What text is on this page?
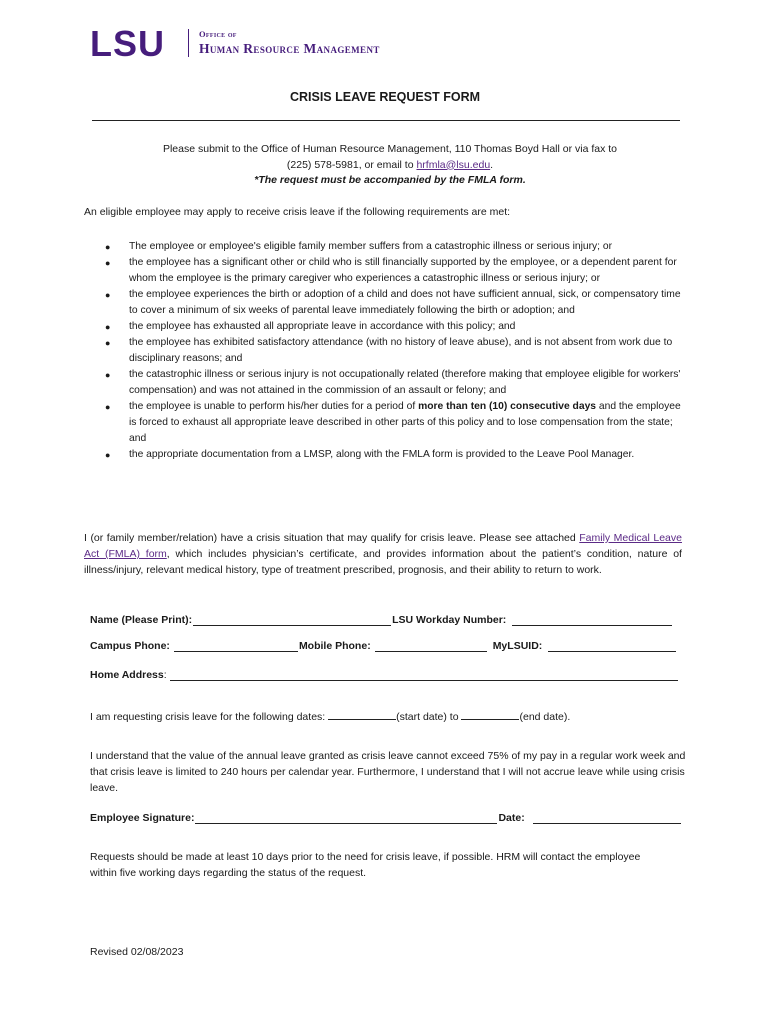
LSU	Office of
Human Resource Management
CRISIS LEAVE REQUEST FORM
Please submit to the Office of Human Resource Management, 110 Thomas Boyd Hall or via fax to
(225) 578-5981, or email to hrfmla@lsu.edu.
*The request must be accompanied by the FMLA form.
An eligible employee may apply to receive crisis leave if the following requirements are met:
● The employee or employee's eligible family member suffers from a catastrophic illness or serious injury; or
● the employee has a significant other or child who is still financially supported by the employee, or a dependent parent for whom the employee is the primary caregiver who experiences a catastrophic illness or serious injury; or
● the employee experiences the birth or adoption of a child and does not have sufficient annual, sick, or compensatory time to cover a minimum of six weeks of parental leave immediately following the birth or adoption; and
● the employee has exhausted all appropriate leave in accordance with this policy; and
● the employee has exhibited satisfactory attendance (with no history of leave abuse), and is not absent from work due to disciplinary reasons; and
● the catastrophic illness or serious injury is not occupationally related (therefore making that employee eligible for workers' compensation) and was not attained in the commission of an assault or felony; and
● the employee is unable to perform his/her duties for a period of more than ten (10) consecutive days and the employee is forced to exhaust all appropriate leave described in other parts of this policy and to lose compensation from the state; and
● the appropriate documentation from a LMSP, along with the FMLA form is provided to the Leave Pool Manager.
I (or family member/relation) have a crisis situation that may qualify for crisis leave. Please see attached Family Medical Leave Act (FMLA) form, which includes physician’s certificate, and provides information about the patient’s condition, nature of illness/injury, relevant medical history, type of treatment prescribed, prognosis, and their ability to return to work.
Name (Please Print):	LSU Workday Number:
Campus Phone:	Mobile Phone:	MyLSUID:
Home Address :
I am requesting crisis leave for the following dates:	(start date) to	(end date).
I understand that the value of the annual leave granted as crisis leave cannot exceed 75% of my pay in a regular work week and that crisis leave is limited to 240 hours per calendar year. Furthermore, I understand that I will not accrue leave while using crisis leave.
Employee Signature:	Date:
Requests should be made at least 10 days prior to the need for crisis leave, if possible. HRM will contact the employee within five working days regarding the status of the request.
Revised 02/08/2023
